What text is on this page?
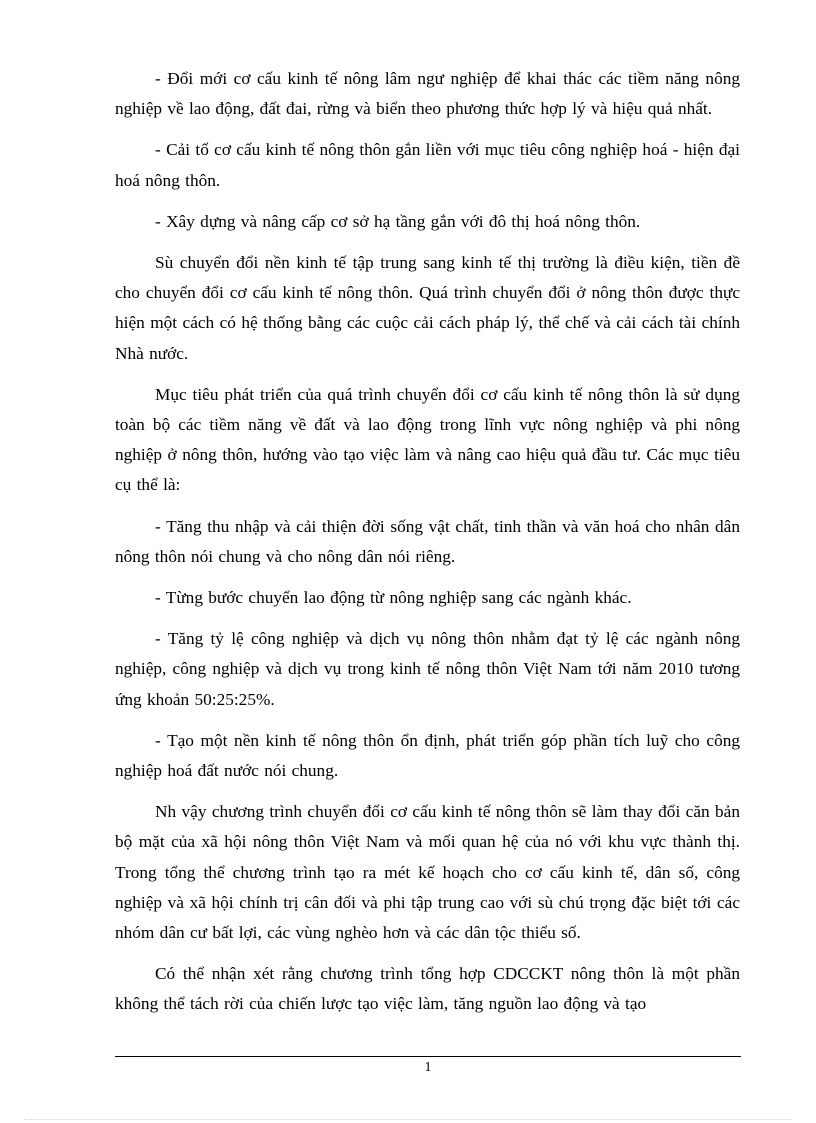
- Đổi mới cơ cấu kinh tế nông lâm ngư nghiệp để khai thác các tiềm năng nông nghiệp về lao động, đất đai, rừng và biển theo phương thức hợp lý và hiệu quả nhất.

- Cải tổ cơ cấu kinh tế nông thôn gắn liền với mục tiêu công nghiệp hoá - hiện đại hoá nông thôn.

- Xây dựng và nâng cấp cơ sở hạ tầng gắn với đô thị hoá nông thôn.

Sù chuyển đổi nền kinh tế tập trung sang kinh tế thị trường là điều kiện, tiền đề cho chuyển đổi cơ cấu kinh tế nông thôn. Quá trình chuyển đổi ở nông thôn được thực hiện một cách có hệ thống bằng các cuộc cải cách pháp lý, thể chế và cải cách tài chính Nhà nước.

Mục tiêu phát triển của quá trình chuyển đổi cơ cấu kinh tế nông thôn là sử dụng toàn bộ các tiềm năng về đất và lao động trong lĩnh vực nông nghiệp và phi nông nghiệp ở nông thôn, hướng vào tạo việc làm và nâng cao hiệu quả đầu tư. Các mục tiêu cụ thể là:

- Tăng thu nhập và cải thiện đời sống vật chất, tinh thần và văn hoá cho nhân dân nông thôn nói chung và cho nông dân nói riêng.

- Từng bước chuyển lao động từ nông nghiệp sang các ngành khác.

- Tăng tỷ lệ công nghiệp và dịch vụ nông thôn nhằm đạt tỷ lệ các ngành nông nghiệp, công nghiệp và dịch vụ trong kinh tế nông thôn Việt Nam tới năm 2010 tương ứng khoản 50:25:25%.

- Tạo một nền kinh tế nông thôn ổn định, phát triển góp phần tích luỹ cho công nghiệp hoá đất nước nói chung.

Nh vậy chương trình chuyển đổi cơ cấu kinh tế nông thôn sẽ làm thay đổi căn bản bộ mặt của xã hội nông thôn Việt Nam và mối quan hệ của nó với khu vực thành thị. Trong tổng thể chương trình tạo ra mét kế hoạch cho cơ cấu kinh tế, dân số, công nghiệp và xã hội chính trị cân đối và phi tập trung cao với sù chú trọng đặc biệt tới các nhóm dân cư bất lợi, các vùng nghèo hơn và các dân tộc thiểu số.

Có thể nhận xét rằng chương trình tổng hợp CDCCKT nông thôn là một phần không thể tách rời của chiến lược tạo việc làm, tăng nguồn lao động và tạo

1
